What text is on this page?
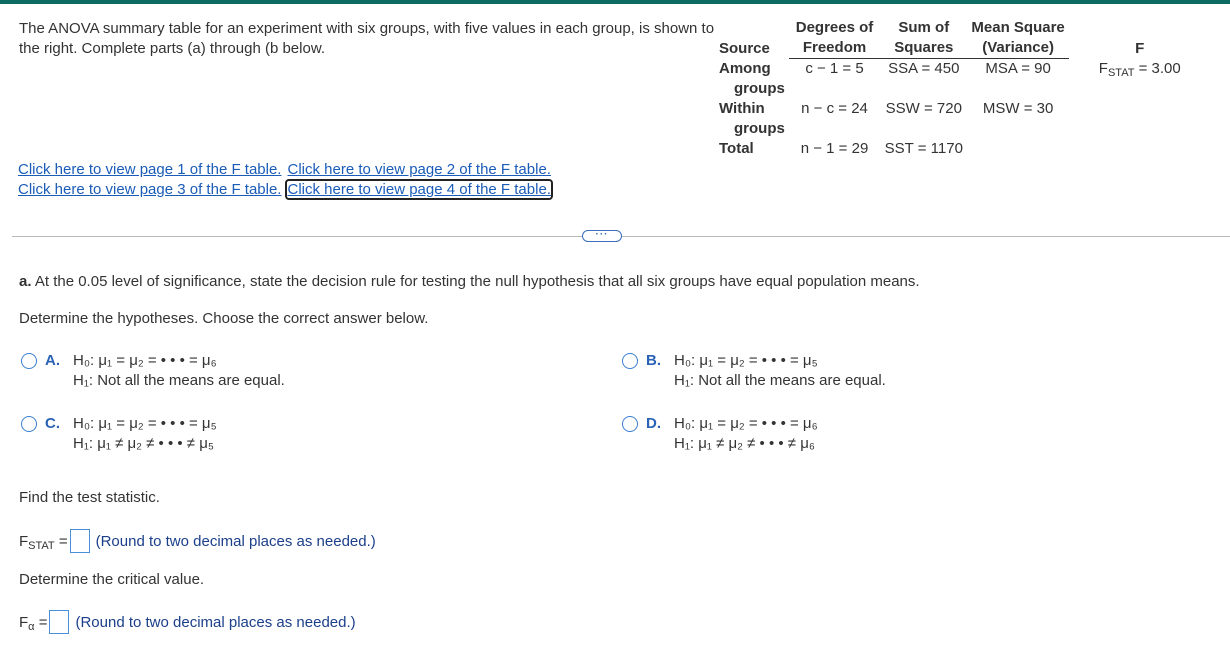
The ANOVA summary table for an experiment with six groups, with five values in each group, is shown to the right. Complete parts (a) through (b below.	Source	Degrees of	Sum of	Mean Square	F
	Freedom	Squares	(Variance)	
Among
groups	c − 1 = 5	SSA = 450	MSA = 90	$F_{STAT} = 3.00$
Within
groups	n − c = 24	SSW = 720	MSW = 30	
Total	n − 1 = 29	SST = 1170		
Click here to view page 1 of the F table. Click here to view page 2 of the F table.
Click here to view page 3 of the F table. Click here to view page 4 of the F table.
···
a. At the 0.05 level of significance, state the decision rule for testing the null hypothesis that all six groups have equal population means.
Determine the hypotheses. Choose the correct answer below.
A. H₀: μ₁ = μ₂ = • • • = μ₆
H₁: Not all the means are equal.
B. H₀: μ₁ = μ₂ = • • • = μ₅
H₁: Not all the means are equal.
C. H₀: μ₁ = μ₂ = • • • = μ₅
H₁: μ₁ ≠ μ₂ ≠ • • • ≠ μ₅
D. H₀: μ₁ = μ₂ = • • • = μ₆
H₁: μ₁ ≠ μ₂ ≠ • • • ≠ μ₆
Find the test statistic.
$F_{STAT}$ = (Round to two decimal places as needed.)
Determine the critical value.
$F_\alpha$ = (Round to two decimal places as needed.)
